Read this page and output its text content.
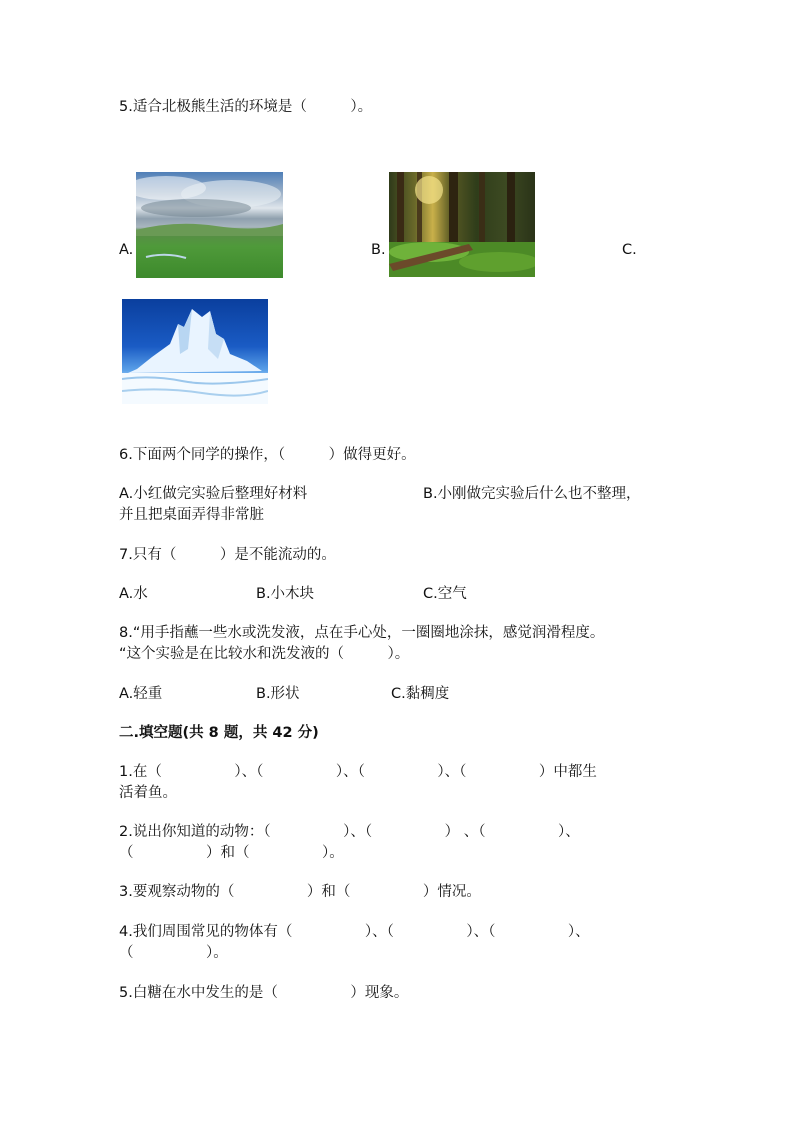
5.适合北极熊生活的环境是（　　　）。
A.	B.	C.
6.下面两个同学的操作，（　　　）做得更好。
A.小红做完实验后整理好材料	B.小刚做完实验后什么也不整理，
并且把桌面弄得非常脏
7.只有（　　　）是不能流动的。
A.水	B.小木块	C.空气
8.“用手指蘸一些水或洗发液，点在手心处，一圈圈地涂抹，感觉润滑程度。
“这个实验是在比较水和洗发液的（　　　）。
A.轻重	B.形状	C.黏稠度
二.填空题(共 8 题，共 42 分)
1.在（　　　　　）、（　　　　　）、（　　　　　）、（　　　　　）中都生
活着鱼。
2.说出你知道的动物：（　　　　　）、（　　　　　） 、（　　　　　）、
（　　　　　）和（　　　　　）。
3.要观察动物的（　　　　　）和（　　　　　）情况。
4.我们周围常见的物体有（　　　　　）、（　　　　　）、（　　　　　）、
（　　　　　）。
5.白糖在水中发生的是（　　　　　）现象。
